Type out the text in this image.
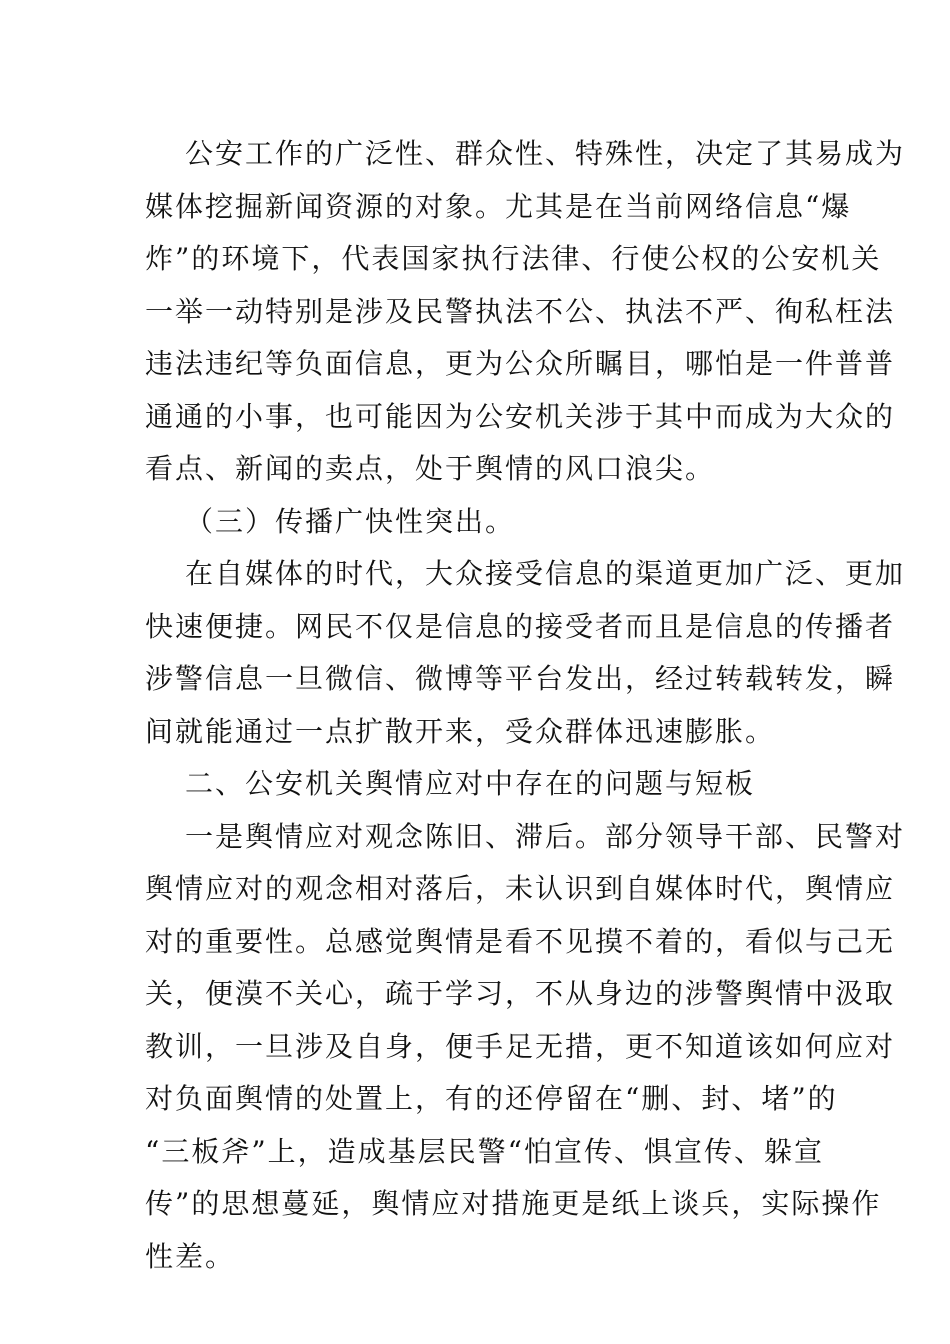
公安工作的广泛性、群众性、特殊性，决定了其易成为
媒体挖掘新闻资源的对象。尤其是在当前网络信息“爆
炸”的环境下，代表国家执行法律、行使公权的公安机关
一举一动特别是涉及民警执法不公、执法不严、徇私枉法
违法违纪等负面信息，更为公众所瞩目，哪怕是一件普普
通通的小事，也可能因为公安机关涉于其中而成为大众的
看点、新闻的卖点，处于舆情的风口浪尖。
（三）传播广快性突出。
在自媒体的时代，大众接受信息的渠道更加广泛、更加
快速便捷。网民不仅是信息的接受者而且是信息的传播者
涉警信息一旦微信、微博等平台发出，经过转载转发，瞬
间就能通过一点扩散开来，受众群体迅速膨胀。
二、公安机关舆情应对中存在的问题与短板
一是舆情应对观念陈旧、滞后。部分领导干部、民警对
舆情应对的观念相对落后，未认识到自媒体时代，舆情应
对的重要性。总感觉舆情是看不见摸不着的，看似与己无
关，便漠不关心，疏于学习，不从身边的涉警舆情中汲取
教训，一旦涉及自身，便手足无措，更不知道该如何应对
对负面舆情的处置上，有的还停留在“删、封、堵”的
“三板斧”上，造成基层民警“怕宣传、惧宣传、躲宣
传”的思想蔓延，舆情应对措施更是纸上谈兵，实际操作
性差。
